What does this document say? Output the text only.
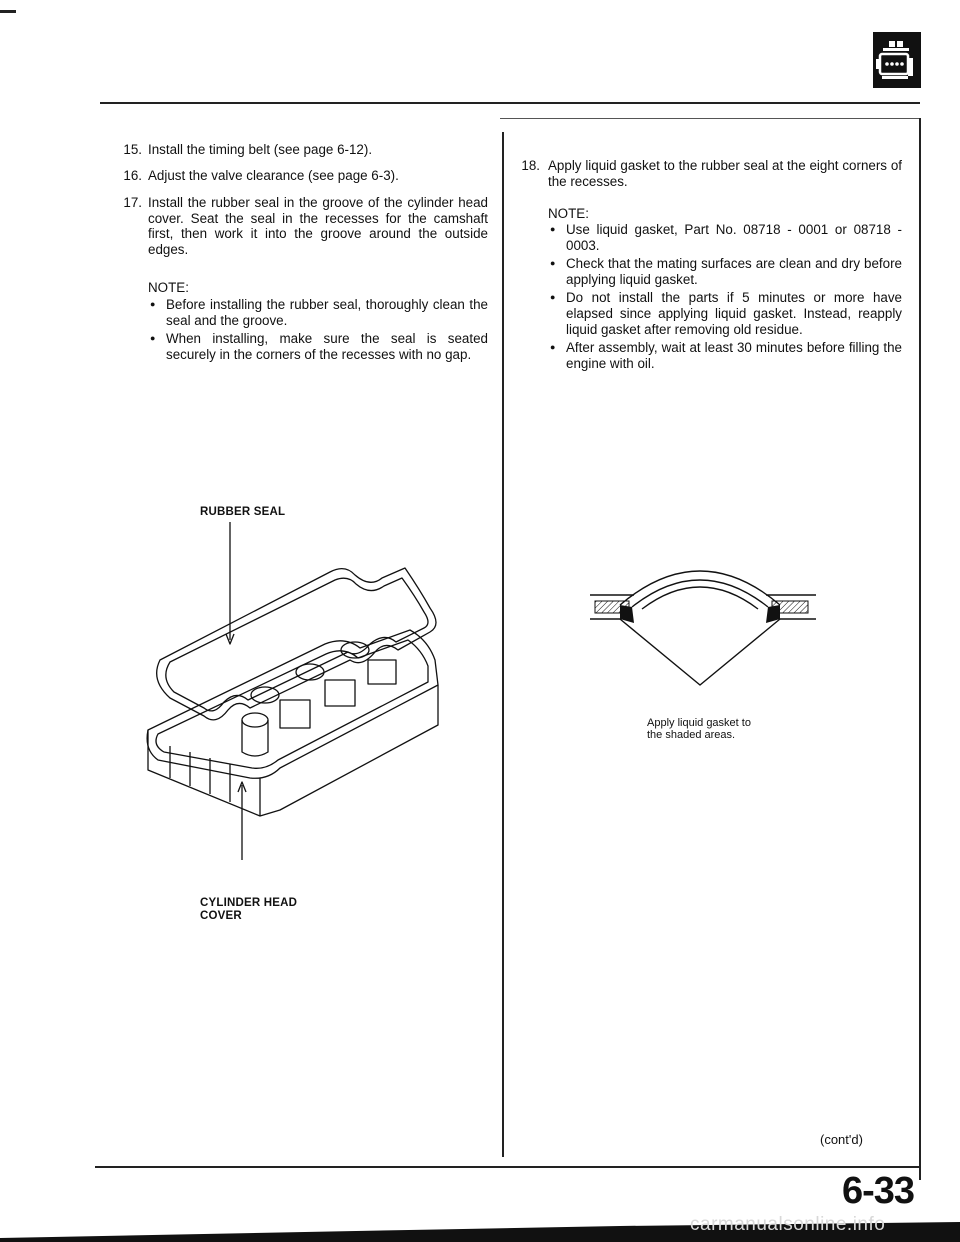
15. Install the timing belt (see page 6-12).
16. Adjust the valve clearance (see page 6-3).
17. Install the rubber seal in the groove of the cylinder head cover. Seat the seal in the recesses for the camshaft first, then work it into the groove around the outside edges.
NOTE:
● Before installing the rubber seal, thoroughly clean the seal and the groove.
● When installing, make sure the seal is seated securely in the corners of the recesses with no gap.
RUBBER SEAL
CYLINDER HEAD
COVER
18. Apply liquid gasket to the rubber seal at the eight corners of the recesses.
NOTE:
● Use liquid gasket, Part No. 08718 - 0001 or 08718 - 0003.
● Check that the mating surfaces are clean and dry before applying liquid gasket.
● Do not install the parts if 5 minutes or more have elapsed since applying liquid gasket. Instead, reapply liquid gasket after removing old residue.
● After assembly, wait at least 30 minutes before filling the engine with oil.
Apply liquid gasket to
the shaded areas.
(cont'd)
6-33
carmanualsonline.info
